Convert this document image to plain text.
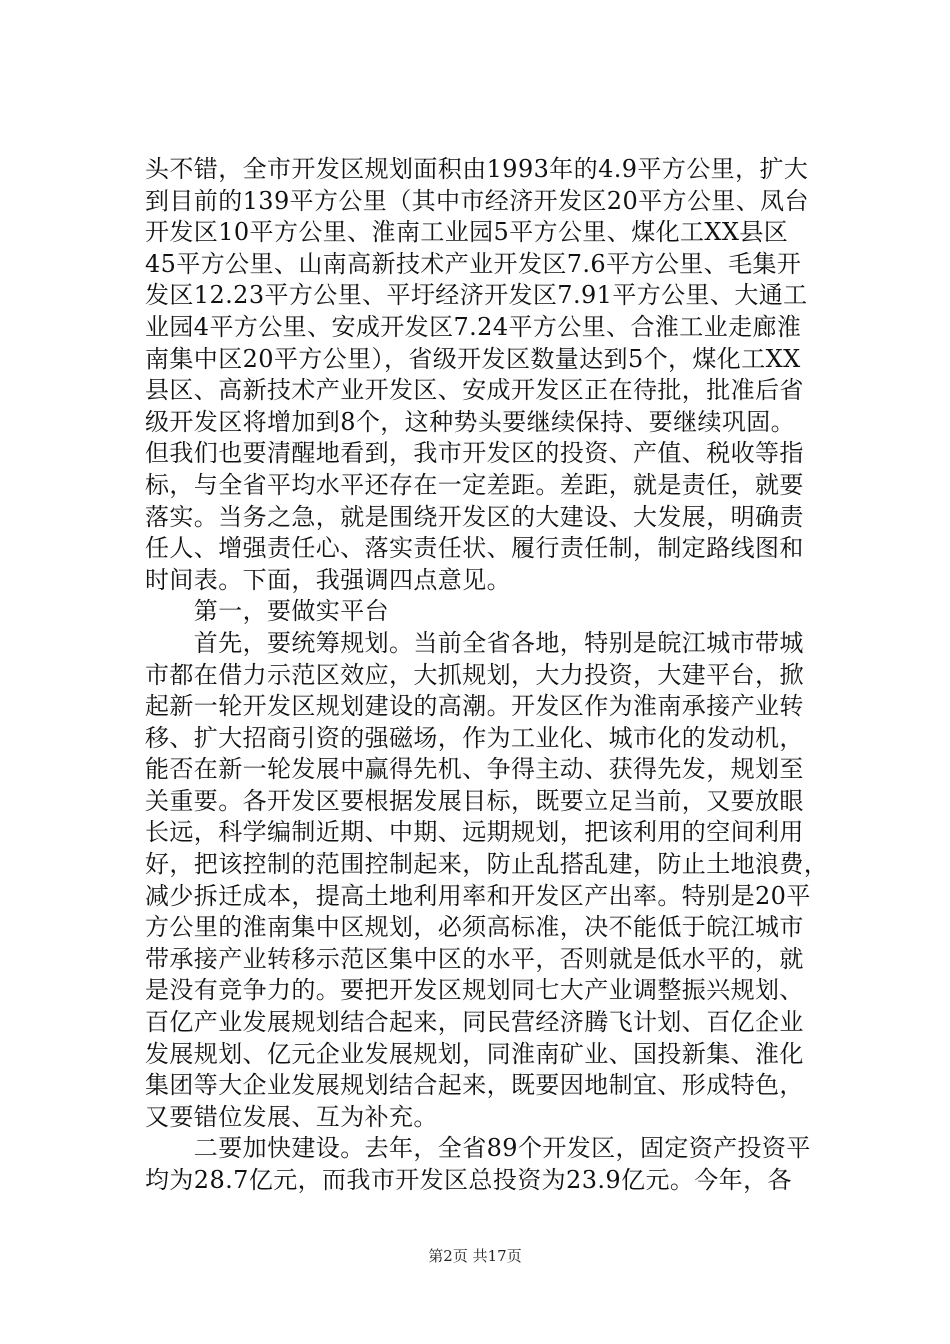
头不错，全市开发区规划面积由1993年的4.9平方公里，扩大
到目前的139平方公里（其中市经济开发区20平方公里、凤台
开发区10平方公里、淮南工业园5平方公里、煤化工XX县区
45平方公里、山南高新技术产业开发区7.6平方公里、毛集开
发区12.23平方公里、平圩经济开发区7.91平方公里、大通工
业园4平方公里、安成开发区7.24平方公里、合淮工业走廊淮
南集中区20平方公里），省级开发区数量达到5个，煤化工XX
县区、高新技术产业开发区、安成开发区正在待批，批准后省
级开发区将增加到8个，这种势头要继续保持、要继续巩固。
但我们也要清醒地看到，我市开发区的投资、产值、税收等指
标，与全省平均水平还存在一定差距。差距，就是责任，就要
落实。当务之急，就是围绕开发区的大建设、大发展，明确责
任人、增强责任心、落实责任状、履行责任制，制定路线图和
时间表。下面，我强调四点意见。
　　第一，要做实平台
　　首先，要统筹规划。当前全省各地，特别是皖江城市带城
市都在借力示范区效应，大抓规划，大力投资，大建平台，掀
起新一轮开发区规划建设的高潮。开发区作为淮南承接产业转
移、扩大招商引资的强磁场，作为工业化、城市化的发动机，
能否在新一轮发展中赢得先机、争得主动、获得先发，规划至
关重要。各开发区要根据发展目标，既要立足当前，又要放眼
长远，科学编制近期、中期、远期规划，把该利用的空间利用
好，把该控制的范围控制起来，防止乱搭乱建，防止土地浪费，
减少拆迁成本，提高土地利用率和开发区产出率。特别是20平
方公里的淮南集中区规划，必须高标准，决不能低于皖江城市
带承接产业转移示范区集中区的水平，否则就是低水平的，就
是没有竞争力的。要把开发区规划同七大产业调整振兴规划、
百亿产业发展规划结合起来，同民营经济腾飞计划、百亿企业
发展规划、亿元企业发展规划，同淮南矿业、国投新集、淮化
集团等大企业发展规划结合起来，既要因地制宜、形成特色，
又要错位发展、互为补充。
　　二要加快建设。去年，全省89个开发区，固定资产投资平
均为28.7亿元，而我市开发区总投资为23.9亿元。今年，各
第2页 共17页
